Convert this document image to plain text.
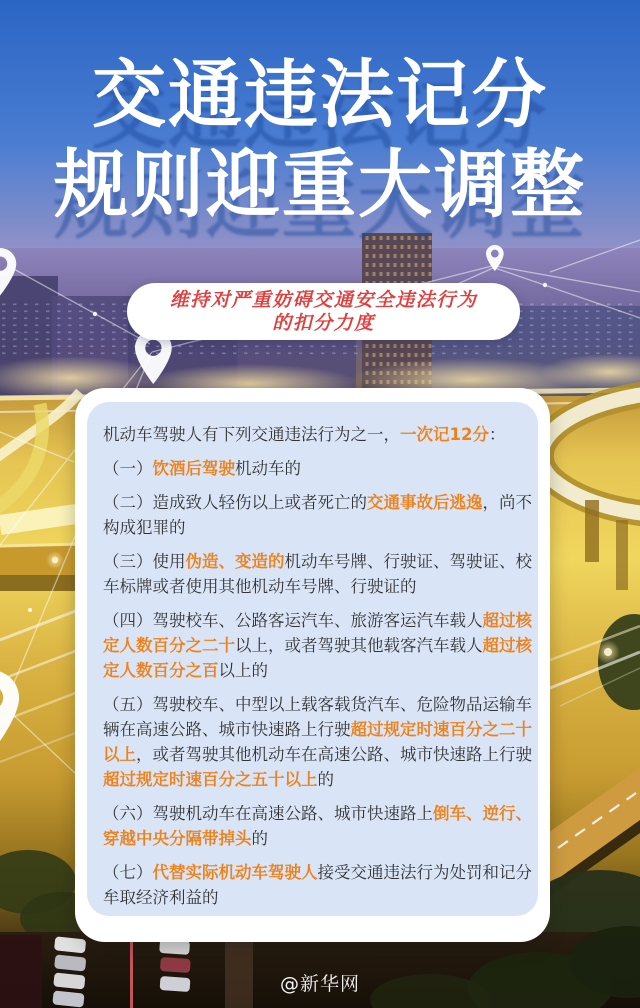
交通违法记分
规则迎重大调整
维持对严重妨碍交通安全违法行为
的扣分力度

机动车驾驶人有下列交通违法行为之一，一次记12分：

（一）饮酒后驾驶机动车的

（二）造成致人轻伤以上或者死亡的交通事故后逃逸，尚不构成犯罪的

（三）使用伪造、变造的机动车号牌、行驶证、驾驶证、校车标牌或者使用其他机动车号牌、行驶证的

（四）驾驶校车、公路客运汽车、旅游客运汽车载人超过核定人数百分之二十以上，或者驾驶其他载客汽车载人超过核定人数百分之百以上的

（五）驾驶校车、中型以上载客载货汽车、危险物品运输车辆在高速公路、城市快速路上行驶超过规定时速百分之二十以上，或者驾驶其他机动车在高速公路、城市快速路上行驶超过规定时速百分之五十以上的

（六）驾驶机动车在高速公路、城市快速路上倒车、逆行、穿越中央分隔带掉头的

（七）代替实际机动车驾驶人接受交通违法行为处罚和记分牟取经济利益的

@新华网
